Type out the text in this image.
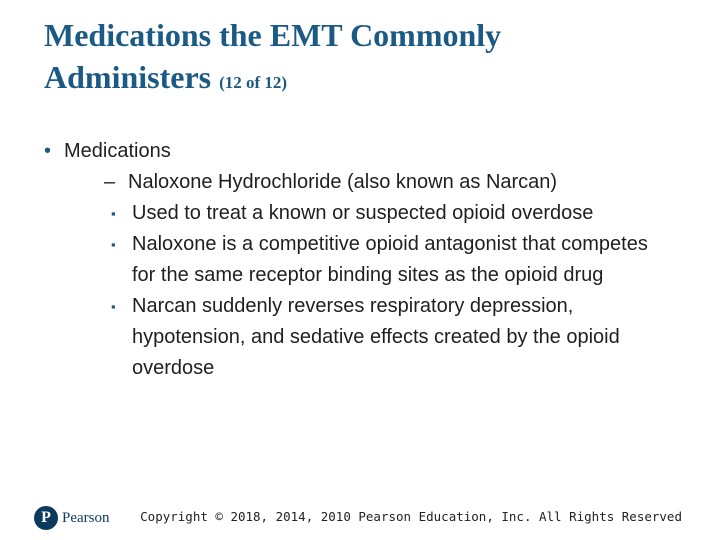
Medications the EMT Commonly
Administers (12 of 12)
• Medications
– Naloxone Hydrochloride (also known as Narcan)
▪ Used to treat a known or suspected opioid overdose
▪ Naloxone is a competitive opioid antagonist that competes for the same receptor binding sites as the opioid drug
▪ Narcan suddenly reverses respiratory depression, hypotension, and sedative effects created by the opioid overdose
P Pearson Copyright © 2018, 2014, 2010 Pearson Education, Inc. All Rights Reserved
